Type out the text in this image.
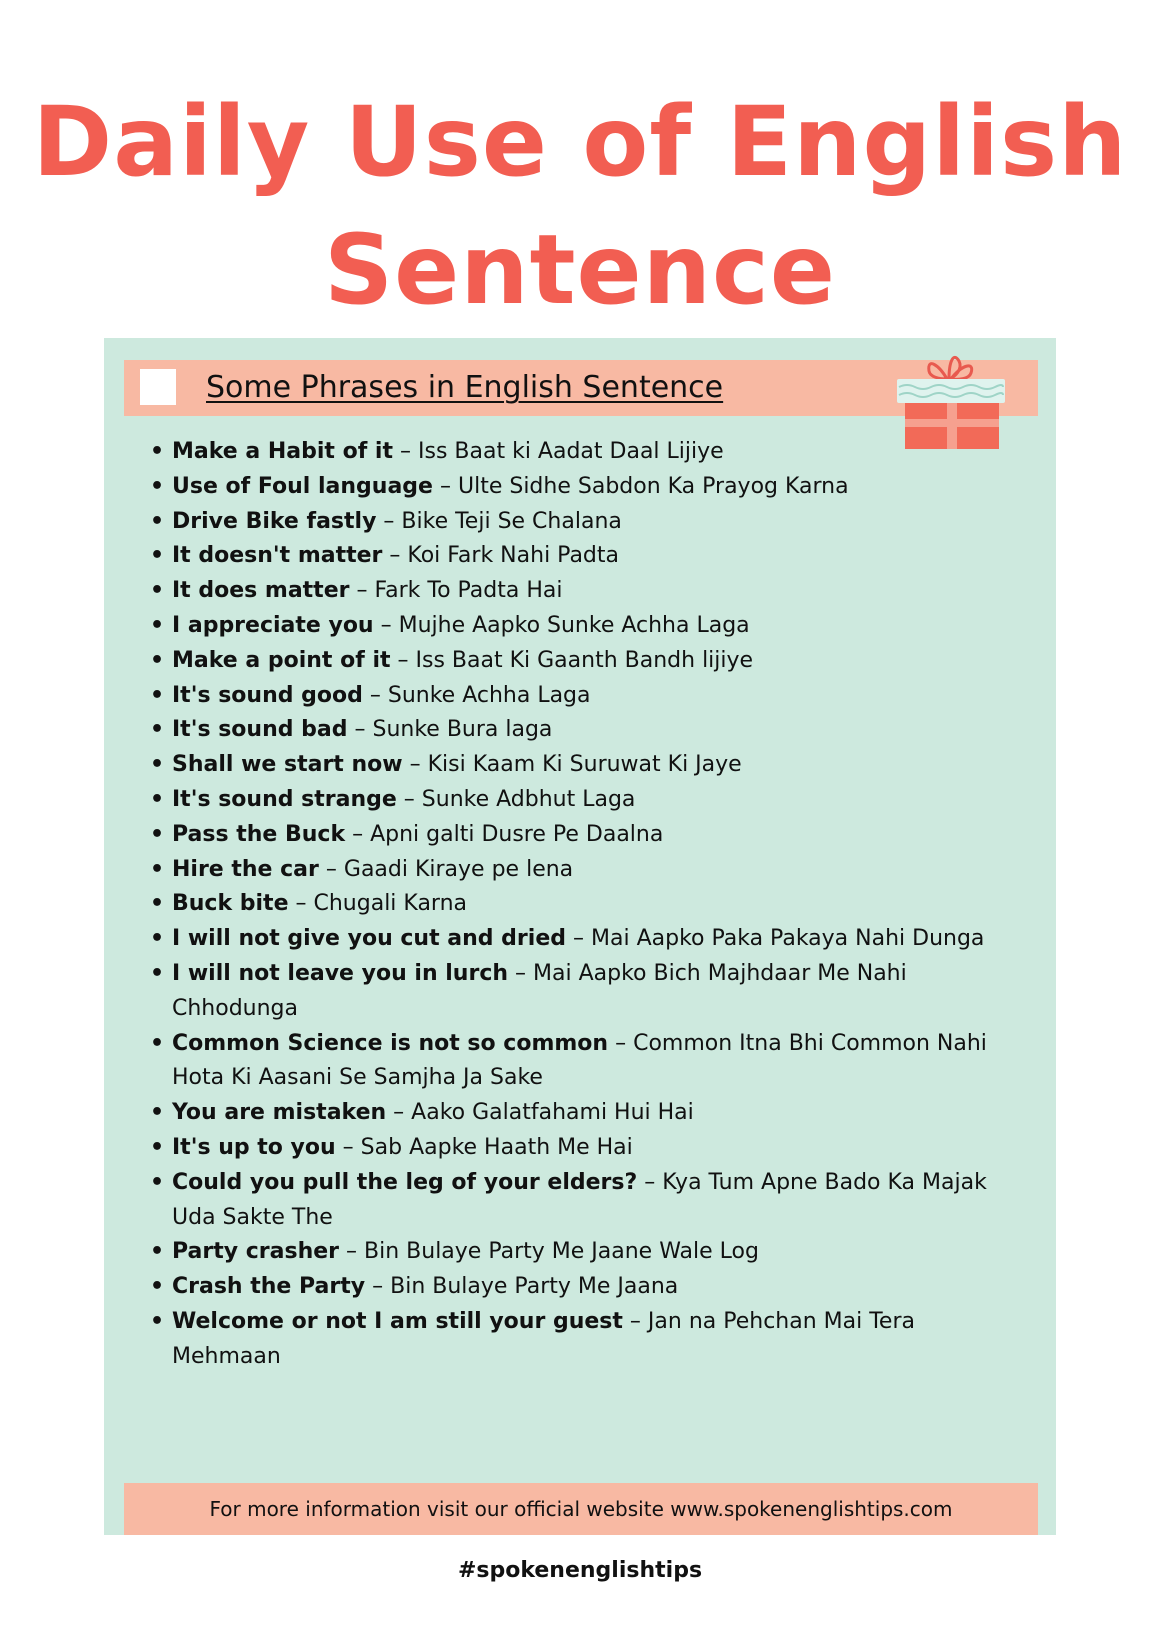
Daily Use of English
Sentence
Some Phrases in English Sentence
• Make a Habit of it – Iss Baat ki Aadat Daal Lijiye
• Use of Foul language – Ulte Sidhe Sabdon Ka Prayog Karna
• Drive Bike fastly – Bike Teji Se Chalana
• It doesn't matter – Koi Fark Nahi Padta
• It does matter – Fark To Padta Hai
• I appreciate you – Mujhe Aapko Sunke Achha Laga
• Make a point of it – Iss Baat Ki Gaanth Bandh lijiye
• It's sound good – Sunke Achha Laga
• It's sound bad – Sunke Bura laga
• Shall we start now – Kisi Kaam Ki Suruwat Ki Jaye
• It's sound strange – Sunke Adbhut Laga
• Pass the Buck – Apni galti Dusre Pe Daalna
• Hire the car – Gaadi Kiraye pe lena
• Buck bite – Chugali Karna
• I will not give you cut and dried – Mai Aapko Paka Pakaya Nahi Dunga
• I will not leave you in lurch – Mai Aapko Bich Majhdaar Me Nahi Chhodunga
• Common Science is not so common – Common Itna Bhi Common Nahi Hota Ki Aasani Se Samjha Ja Sake
• You are mistaken – Aako Galatfahami Hui Hai
• It's up to you – Sab Aapke Haath Me Hai
• Could you pull the leg of your elders? – Kya Tum Apne Bado Ka Majak Uda Sakte The
• Party crasher – Bin Bulaye Party Me Jaane Wale Log
• Crash the Party – Bin Bulaye Party Me Jaana
• Welcome or not I am still your guest – Jan na Pehchan Mai Tera Mehmaan
For more information visit our official website www.spokenenglishtips.com
#spokenenglishtips
